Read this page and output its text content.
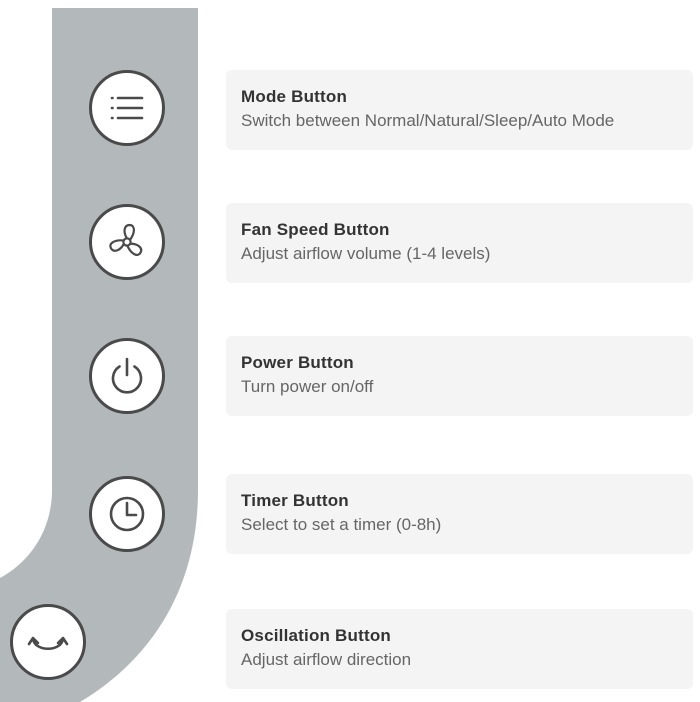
Mode Button
Switch between Normal/Natural/Sleep/Auto Mode
Fan Speed Button
Adjust airflow volume (1-4 levels)
Power Button
Turn power on/off
Timer Button
Select to set a timer (0-8h)
Oscillation Button
Adjust airflow direction
